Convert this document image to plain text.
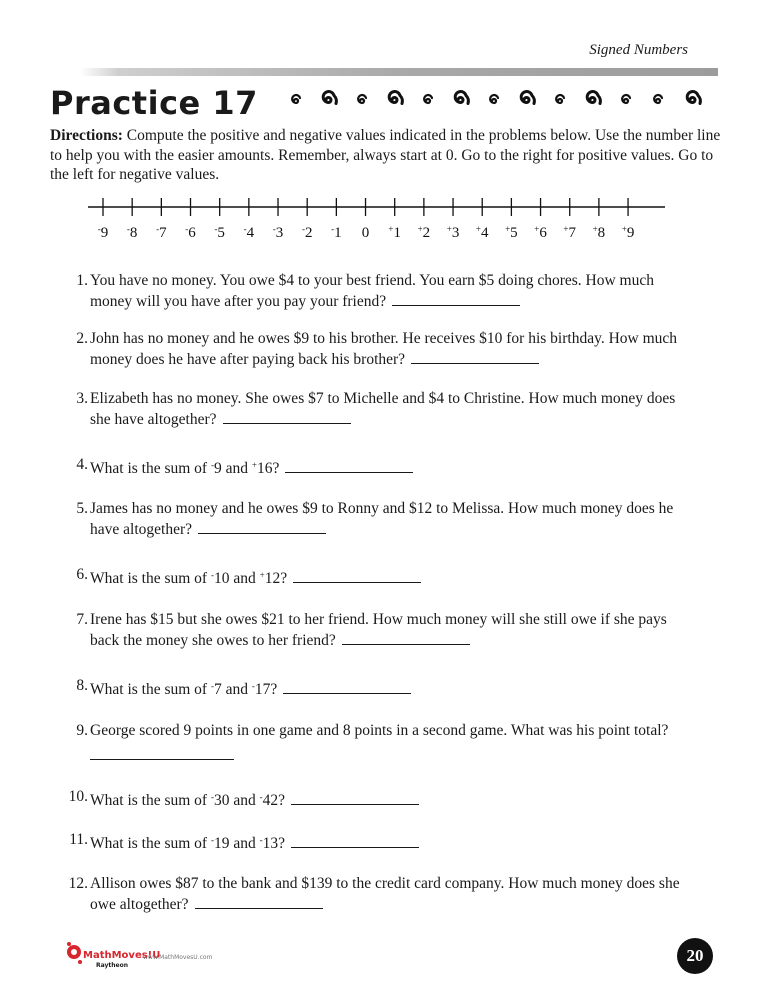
Signed Numbers
Practice 17
Directions: Compute the positive and negative values indicated in the problems below. Use the number line to help you with the easier amounts. Remember, always start at 0. Go to the right for positive values. Go to the left for negative values.
-9 -8 -7 -6 -5 -4 -3 -2 -1 0 +1 +2 +3 +4 +5 +6 +7 +8 +9
1. You have no money. You owe $4 to your best friend. You earn $5 doing chores. How much money will you have after you pay your friend?
2. John has no money and he owes $9 to his brother. He receives $10 for his birthday. How much money does he have after paying back his brother?
3. Elizabeth has no money. She owes $7 to Michelle and $4 to Christine. How much money does she have altogether?
4. What is the sum of -9 and +16?
5. James has no money and he owes $9 to Ronny and $12 to Melissa. How much money does he have altogether?
6. What is the sum of -10 and +12?
7. Irene has $15 but she owes $21 to her friend. How much money will she still owe if she pays back the money she owes to her friend?
8. What is the sum of -7 and -17?
9. George scored 9 points in one game and 8 points in a second game. What was his point total?
10. What is the sum of -30 and -42?
11. What is the sum of -19 and -13?
12. Allison owes $87 to the bank and $139 to the credit card company. How much money does she owe altogether?
MathMoves!U
Raytheon
www.MathMovesU.com	20
